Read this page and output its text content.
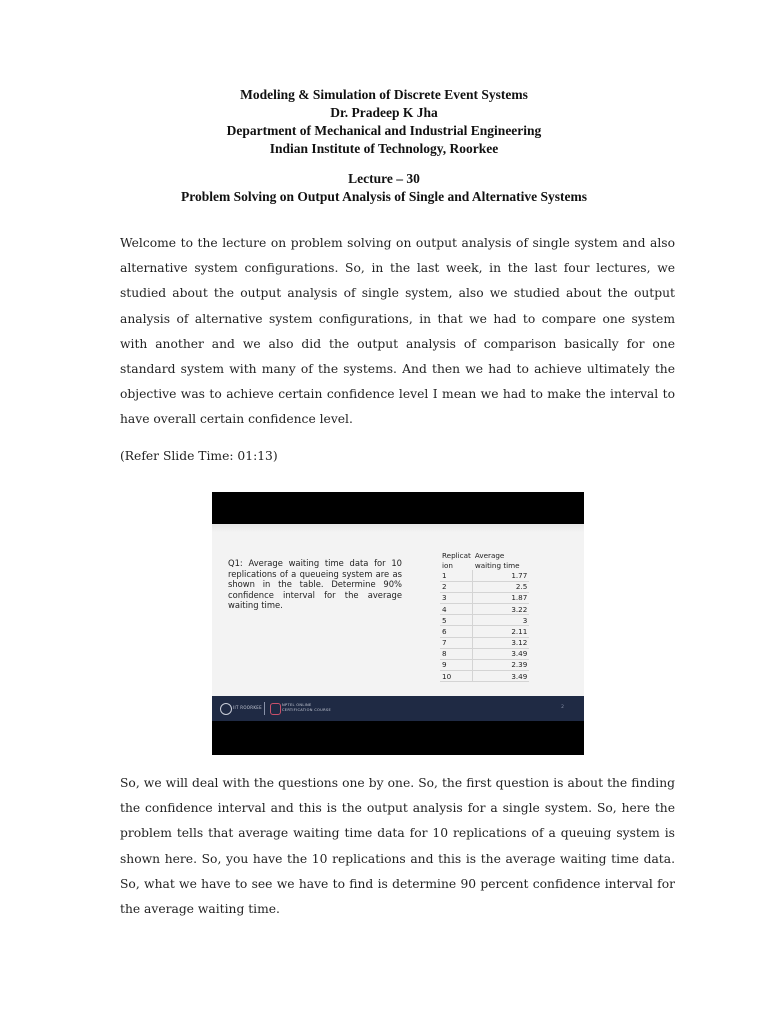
Modeling & Simulation of Discrete Event Systems
Dr. Pradeep K Jha
Department of Mechanical and Industrial Engineering
Indian Institute of Technology, Roorkee
Lecture – 30
Problem Solving on Output Analysis of Single and Alternative Systems

Welcome to the lecture on problem solving on output analysis of single system and also alternative system configurations. So, in the last week, in the last four lectures, we studied about the output analysis of single system, also we studied about the output analysis of alternative system configurations, in that we had to compare one system with another and we also did the output analysis of comparison basically for one standard system with many of the systems. And then we had to achieve ultimately the objective was to achieve certain confidence level I mean we had to make the interval to have overall certain confidence level.

(Refer Slide Time: 01:13)

Q1: Average waiting time data for 10 replications of a queueing system are as shown in the table. Determine 90% confidence interval for the average waiting time.

Replicat	Average
ion	waiting time
1	1.77
2	2.5
3	1.87
4	3.22
5	3
6	2.11
7	3.12
8	3.49
9	2.39
10	3.49
IIT ROORKEE	NPTEL ONLINE CERTIFICATION COURSE	2

So, we will deal with the questions one by one. So, the first question is about the finding the confidence interval and this is the output analysis for a single system. So, here the problem tells that average waiting time data for 10 replications of a queuing system is shown here. So, you have the 10 replications and this is the average waiting time data. So, what we have to see we have to find is determine 90 percent confidence interval for the average waiting time.
